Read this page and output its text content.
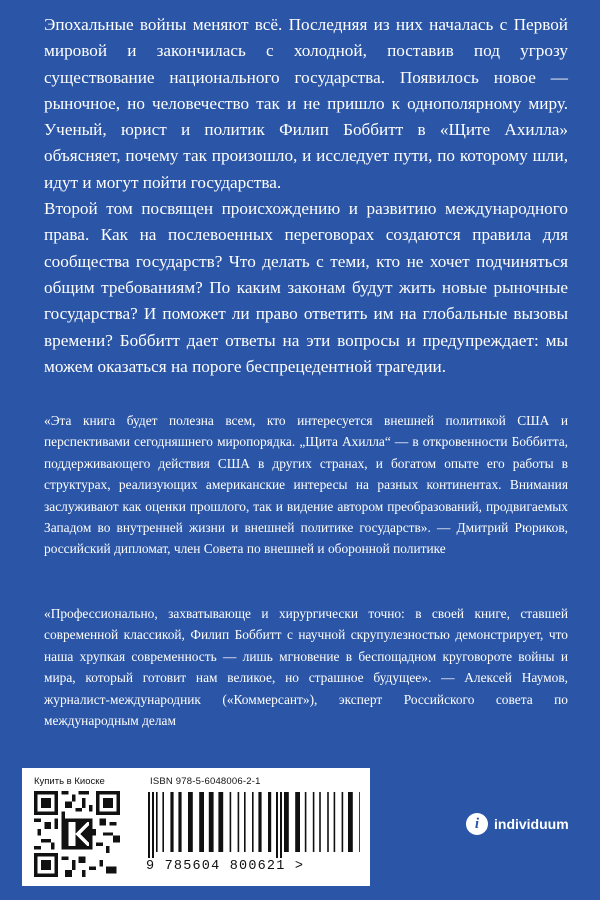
Эпохальные войны меняют всё. Последняя из них началась с Первой мировой и закончилась с холодной, поставив под угрозу существование национального государства. Появилось новое — рыночное, но человечество так и не пришло к однополярному миру. Ученый, юрист и политик Филип Боббитт в «Щите Ахилла» объясняет, почему так произошло, и исследует пути, по которому шли, идут и могут пойти государства.

Второй том посвящен происхождению и развитию международного права. Как на послевоенных переговорах создаются правила для сообщества государств? Что делать с теми, кто не хочет подчиняться общим требованиям? По каким законам будут жить новые рыночные государства? И поможет ли право ответить им на глобальные вызовы времени? Боббитт дает ответы на эти вопросы и предупреждает: мы можем оказаться на пороге беспрецедентной трагедии.

«Эта книга будет полезна всем, кто интересуется внешней политикой США и перспективами сегодняшнего миропорядка. „Щита Ахилла“ — в откровенности Боббитта, поддерживающего действия США в других странах, и богатом опыте его работы в структурах, реализующих американские интересы на разных континентах. Внимания заслуживают как оценки прошлого, так и видение автором преобразований, продвигаемых Западом во внутренней жизни и внешней политике государств». — Дмитрий Рюриков, российский дипломат, член Совета по внешней и оборонной политике

«Профессионально, захватывающе и хирургически точно: в своей книге, ставшей современной классикой, Филип Боббитт с научной скрупулезностью демонстрирует, что наша хрупкая современность — лишь мгновение в беспощадном круговороте войны и мира, который готовит нам великое, но страшное будущее». — Алексей Наумов, журналист-международник («Коммерсант»), эксперт Российского совета по международным делам

Купить в Киоске	ISBN 978-5-6048006-2-1
9 785604 800621 >
i	individuum
